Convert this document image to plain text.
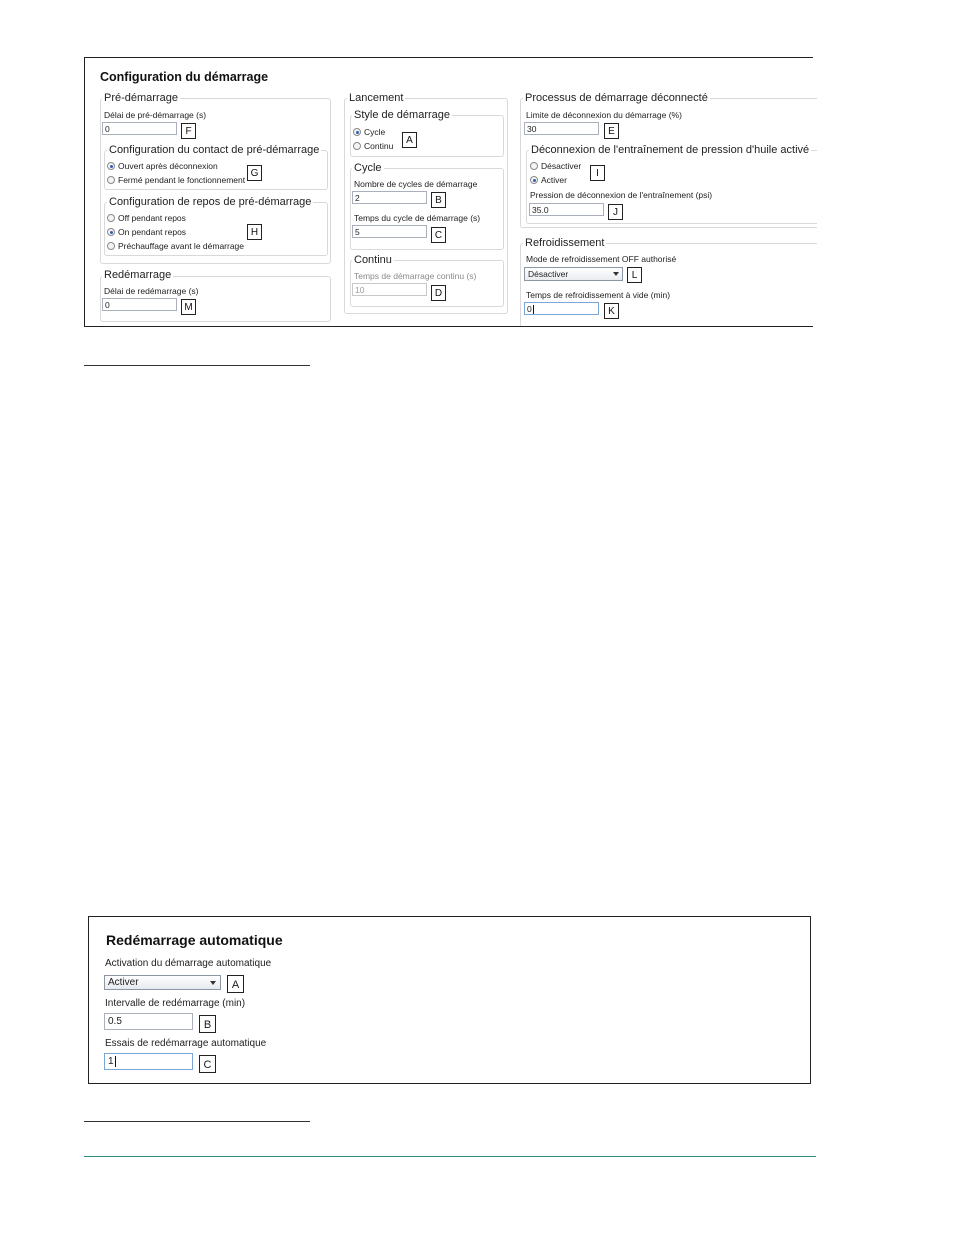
Configuration du démarrage
Pré-démarrage
Délai de pré-démarrage (s)
0	F
Configuration du contact de pré-démarrage
Ouvert après déconnexion
Fermé pendant le fonctionnement
G
Configuration de repos de pré-démarrage
Off pendant repos
On pendant repos
Préchauffage avant le démarrage
H
Redémarrage
Délai de redémarrage (s)
0	M
Lancement
Style de démarrage
Cycle
Continu	A
Cycle
Nombre de cycles de démarrage
2	B
Temps du cycle de démarrage (s)
5	C
Continu
Temps de démarrage continu (s)
10	D
Processus de démarrage déconnecté
Limite de déconnexion du démarrage (%)
30	E
Déconnexion de l'entraînement de pression d'huile activé
Désactiver
Activer
I
Pression de déconnexion de l'entraînement (psi)
35.0	J
Refroidissement
Mode de refroidissement OFF authorisé
Désactiver	L
Temps de refroidissement à vide (min)
0	K
Redémarrage automatique
Activation du démarrage automatique
Activer	A
Intervalle de redémarrage (min)
0.5	B
Essais de redémarrage automatique
1	C
